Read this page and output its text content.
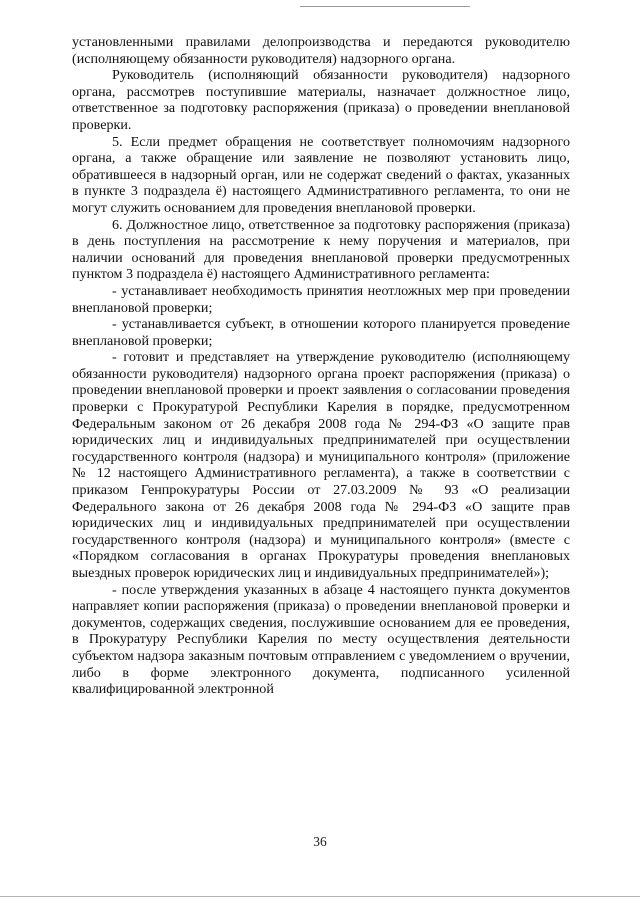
установленными правилами делопроизводства и передаются руководителю (исполняющему обязанности руководителя) надзорного органа.

Руководитель (исполняющий обязанности руководителя) надзорного органа, рассмотрев поступившие материалы, назначает должностное лицо, ответственное за подготовку распоряжения (приказа) о проведении внеплановой проверки.

5. Если предмет обращения не соответствует полномочиям надзорного органа, а также обращение или заявление не позволяют установить лицо, обратившееся в надзорный орган, или не содержат сведений о фактах, указанных в пункте 3 подраздела ё) настоящего Административного регламента, то они не могут служить основанием для проведения внеплановой проверки.

6. Должностное лицо, ответственное за подготовку распоряжения (приказа) в день поступления на рассмотрение к нему поручения и материалов, при наличии оснований для проведения внеплановой проверки предусмотренных пунктом 3 подраздела ё) настоящего Административного регламента:

- устанавливает необходимость принятия неотложных мер при проведении внеплановой проверки;

- устанавливается субъект, в отношении которого планируется проведение внеплановой проверки;

- готовит и представляет на утверждение руководителю (исполняющему обязанности руководителя) надзорного органа проект распоряжения (приказа) о проведении внеплановой проверки и проект заявления о согласовании проведения проверки с Прокуратурой Республики Карелия в порядке, предусмотренном Федеральным законом от 26 декабря 2008 года № 294-ФЗ «О защите прав юридических лиц и индивидуальных предпринимателей при осуществлении государственного контроля (надзора) и муниципального контроля» (приложение № 12 настоящего Административного регламента), а также в соответствии с приказом Генпрокуратуры России от 27.03.2009 № 93 «О реализации Федерального закона от 26 декабря 2008 года № 294-ФЗ «О защите прав юридических лиц и индивидуальных предпринимателей при осуществлении государственного контроля (надзора) и муниципального контроля» (вместе с «Порядком согласования в органах Прокуратуры проведения внеплановых выездных проверок юридических лиц и индивидуальных предпринимателей»);

- после утверждения указанных в абзаце 4 настоящего пункта документов направляет копии распоряжения (приказа) о проведении внеплановой проверки и документов, содержащих сведения, послужившие основанием для ее проведения, в Прокуратуру Республики Карелия по месту осуществления деятельности субъектом надзора заказным почтовым отправлением с уведомлением о вручении, либо в форме электронного документа, подписанного усиленной квалифицированной электронной

36
